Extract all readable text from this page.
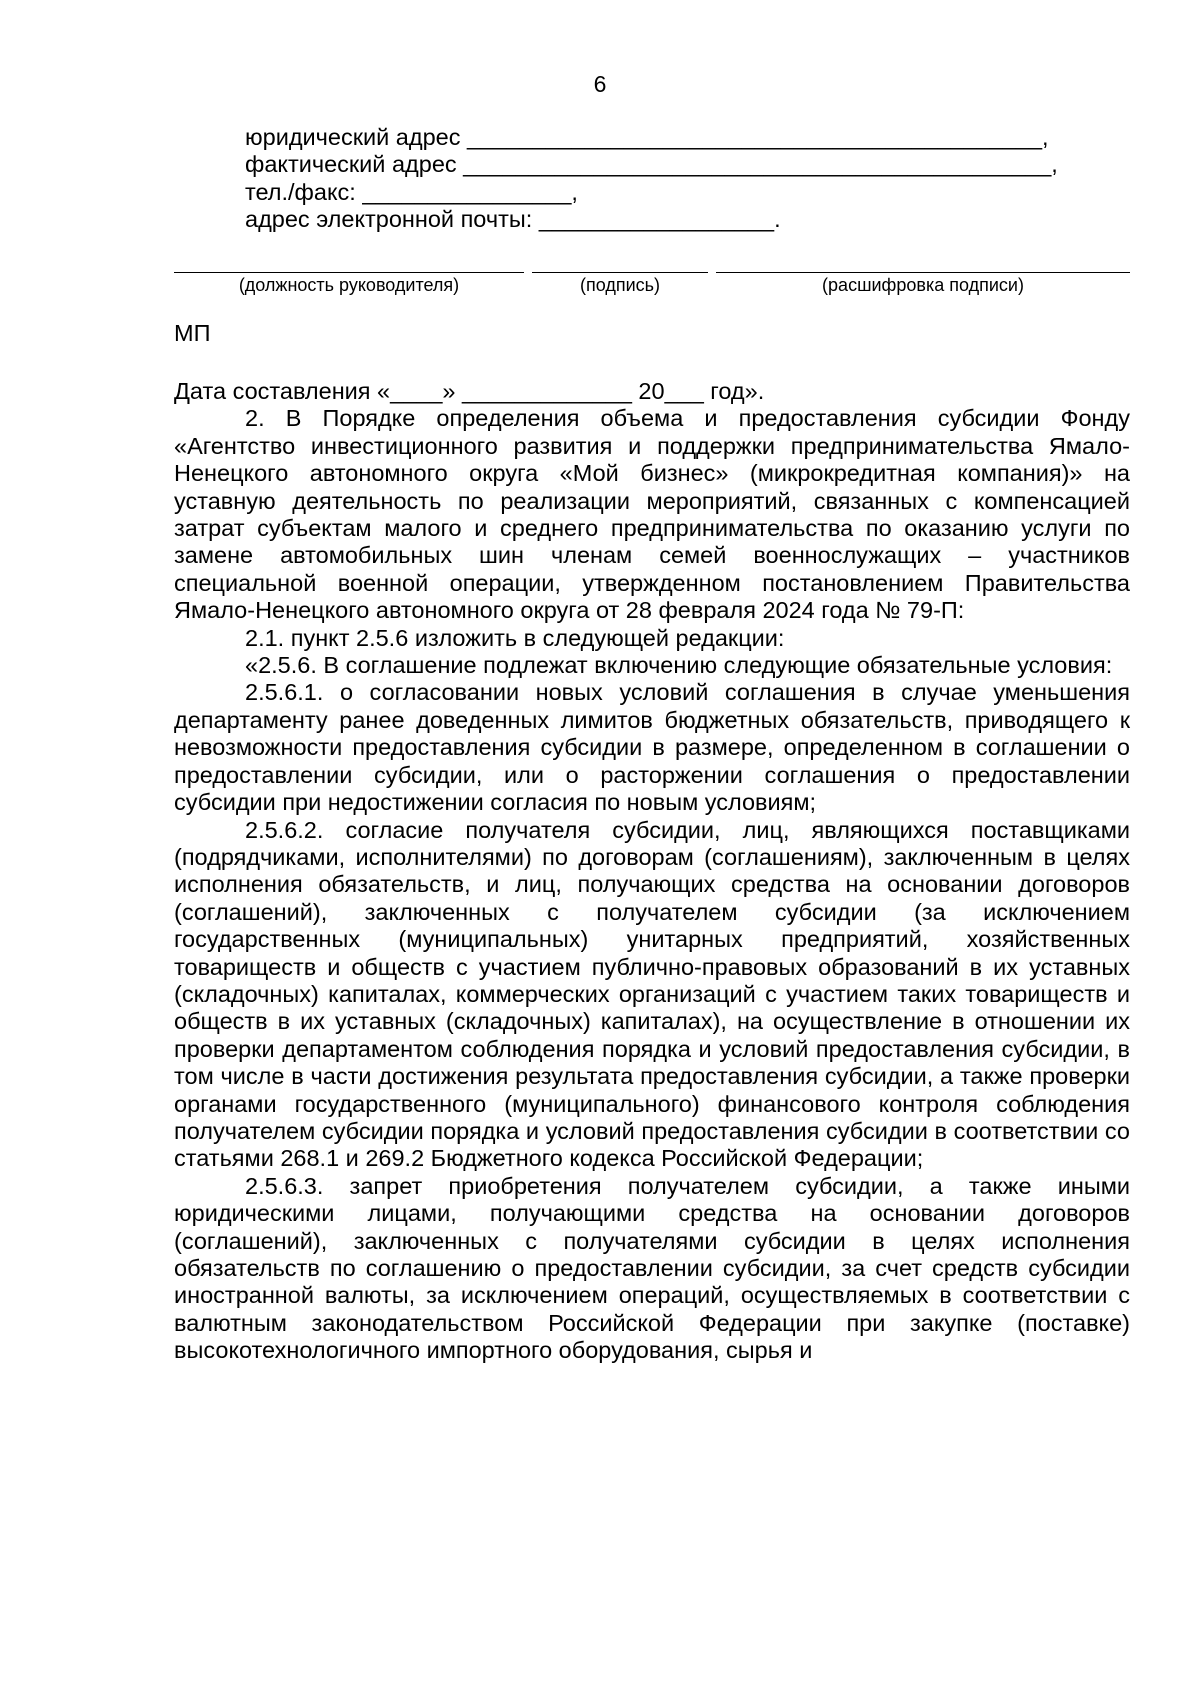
6
юридический адрес ____________________________________________,
фактический адрес _____________________________________________,
тел./факс: ________________,
адрес электронной почты: __________________.
(должность руководителя)	(подпись)	(расшифровка подписи)
МП

Дата составления «____» _____________ 20___ год».

2. В Порядке определения объема и предоставления субсидии Фонду «Агентство инвестиционного развития и поддержки предпринимательства Ямало-Ненецкого автономного округа «Мой бизнес» (микрокредитная компания)» на уставную деятельность по реализации мероприятий, связанных с компенсацией затрат субъектам малого и среднего предпринимательства по оказанию услуги по замене автомобильных шин членам семей военнослужащих – участников специальной военной операции, утвержденном постановлением Правительства Ямало-Ненецкого автономного округа от 28 февраля 2024 года № 79-П:

2.1. пункт 2.5.6 изложить в следующей редакции:

«2.5.6. В соглашение подлежат включению следующие обязательные условия:

2.5.6.1. о согласовании новых условий соглашения в случае уменьшения департаменту ранее доведенных лимитов бюджетных обязательств, приводящего к невозможности предоставления субсидии в размере, определенном в соглашении о предоставлении субсидии, или о расторжении соглашения о предоставлении субсидии при недостижении согласия по новым условиям;

2.5.6.2. согласие получателя субсидии, лиц, являющихся поставщиками (подрядчиками, исполнителями) по договорам (соглашениям), заключенным в целях исполнения обязательств, и лиц, получающих средства на основании договоров (соглашений), заключенных с получателем субсидии (за исключением государственных (муниципальных) унитарных предприятий, хозяйственных товариществ и обществ с участием публично-правовых образований в их уставных (складочных) капиталах, коммерческих организаций с участием таких товариществ и обществ в их уставных (складочных) капиталах), на осуществление в отношении их проверки департаментом соблюдения порядка и условий предоставления субсидии, в том числе в части достижения результата предоставления субсидии, а также проверки органами государственного (муниципального) финансового контроля соблюдения получателем субсидии порядка и условий предоставления субсидии в соответствии со статьями 268.1 и 269.2 Бюджетного кодекса Российской Федерации;

2.5.6.3. запрет приобретения получателем субсидии, а также иными юридическими лицами, получающими средства на основании договоров (соглашений), заключенных с получателями субсидии в целях исполнения обязательств по соглашению о предоставлении субсидии, за счет средств субсидии иностранной валюты, за исключением операций, осуществляемых в соответствии с валютным законодательством Российской Федерации при закупке (поставке) высокотехнологичного импортного оборудования, сырья и
